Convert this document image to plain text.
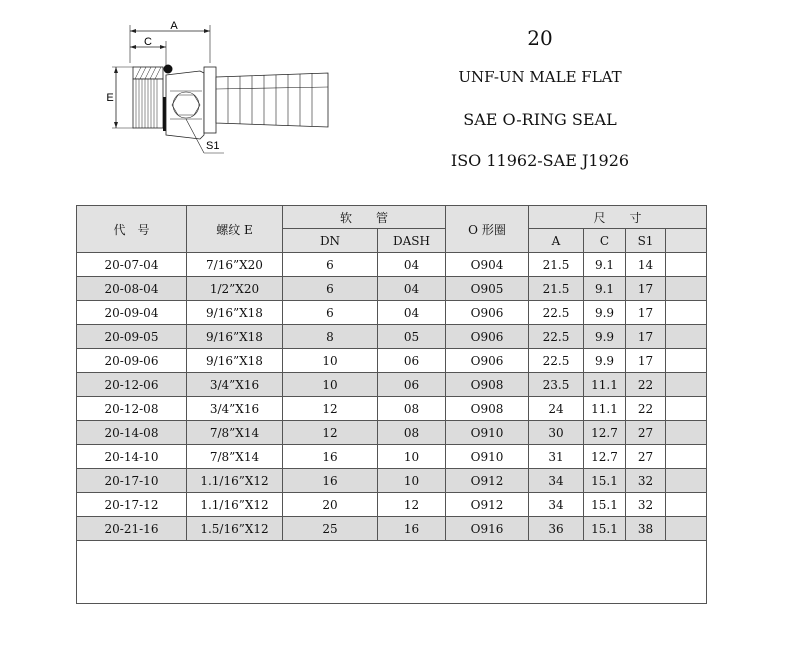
A
C
E
S1
20
UNF-UN MALE FLAT
SAE O-RING SEAL
ISO 11962-SAE J1926
代　号	螺纹 E	软　　管		O 形圈	尺　　寸			
		DN	DASH		A	C	S1	
20-07-04	7/16”X20	6	04	O904	21.5	9.1	14	
20-08-04	1/2”X20	6	04	O905	21.5	9.1	17	
20-09-04	9/16”X18	6	04	O906	22.5	9.9	17	
20-09-05	9/16”X18	8	05	O906	22.5	9.9	17	
20-09-06	9/16”X18	10	06	O906	22.5	9.9	17	
20-12-06	3/4”X16	10	06	O908	23.5	11.1	22	
20-12-08	3/4”X16	12	08	O908	24	11.1	22	
20-14-08	7/8”X14	12	08	O910	30	12.7	27	
20-14-10	7/8”X14	16	10	O910	31	12.7	27	
20-17-10	1.1/16”X12	16	10	O912	34	15.1	32	
20-17-12	1.1/16”X12	20	12	O912	34	15.1	32	
20-21-16	1.5/16”X12	25	16	O916	36	15.1	38	
